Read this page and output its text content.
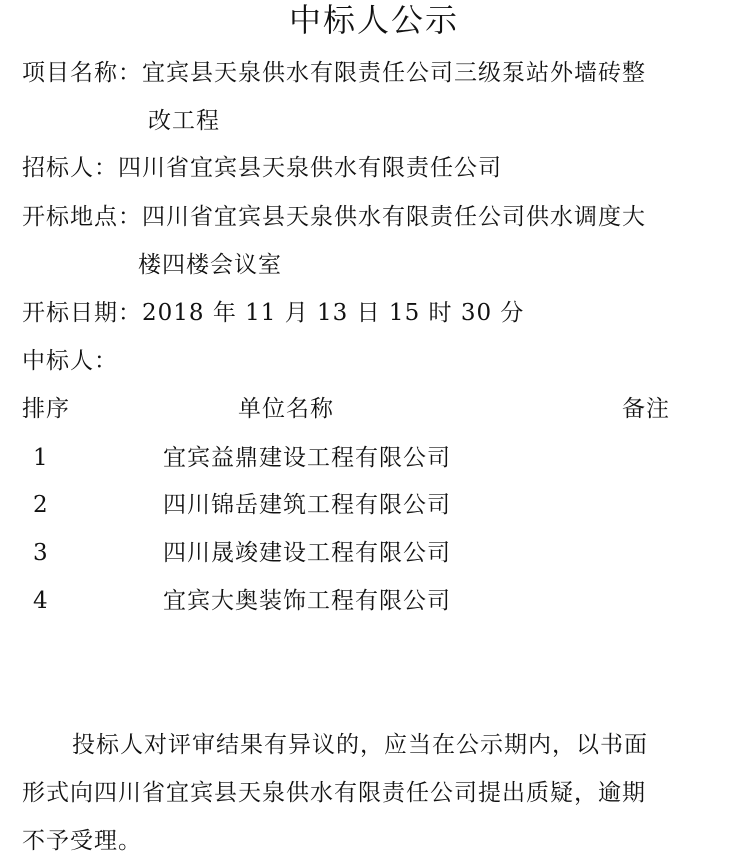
中标人公示
项目名称：宜宾县天泉供水有限责任公司三级泵站外墙砖整
改工程
招标人：四川省宜宾县天泉供水有限责任公司
开标地点：四川省宜宾县天泉供水有限责任公司供水调度大
楼四楼会议室
开标日期：2018 年 11 月 13 日 15 时 30 分
中标人：
排序	单位名称	备注
1	宜宾益鼎建设工程有限公司
2	四川锦岳建筑工程有限公司
3	四川晟竣建设工程有限公司
4	宜宾大奥装饰工程有限公司
投标人对评审结果有异议的，应当在公示期内，以书面
形式向四川省宜宾县天泉供水有限责任公司提出质疑，逾期
不予受理。
